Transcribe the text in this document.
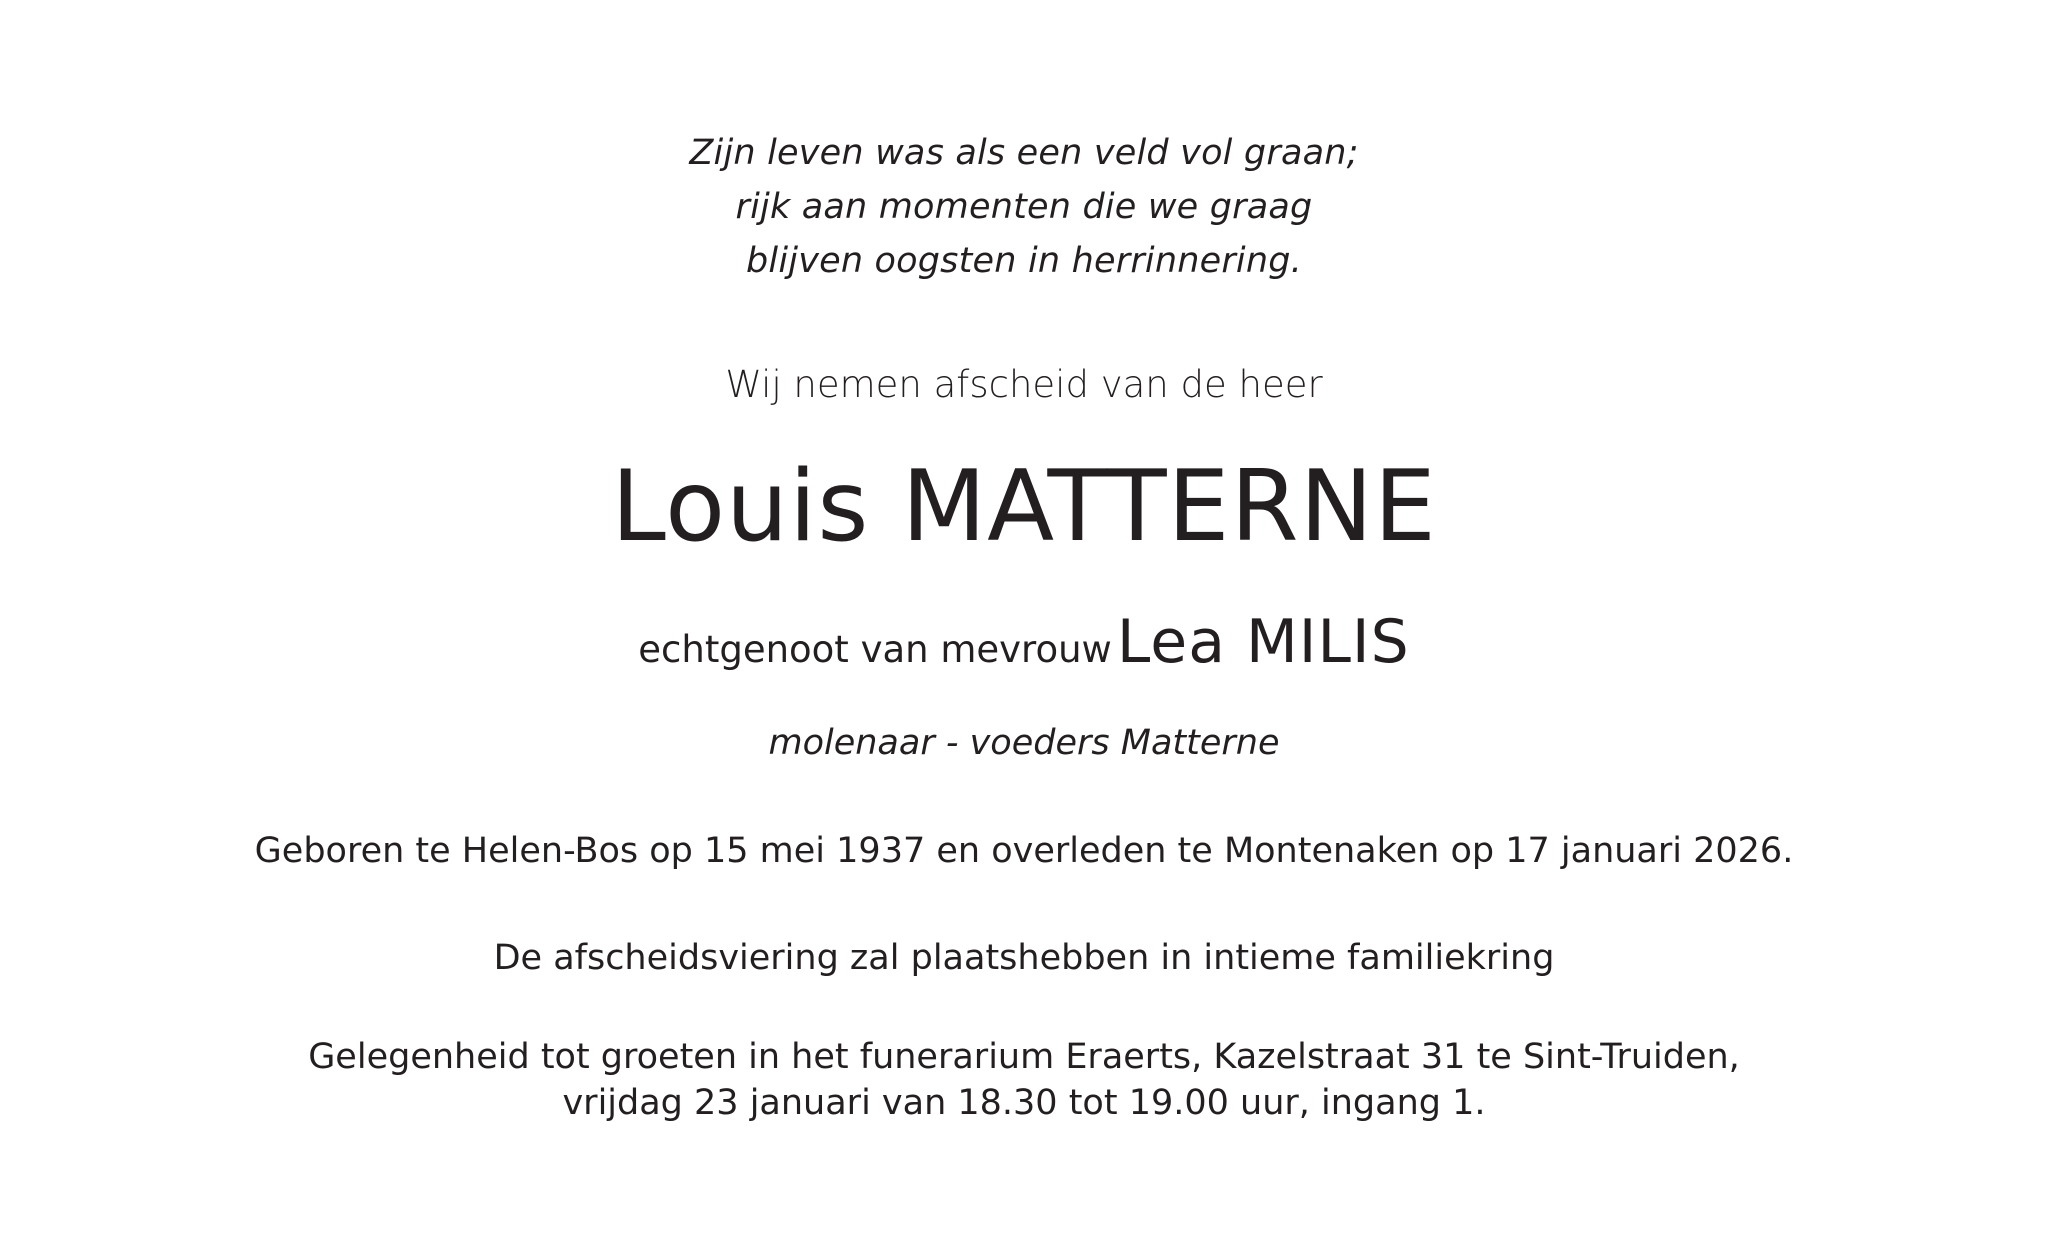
Zijn leven was als een veld vol graan;
rijk aan momenten die we graag
blijven oogsten in herrinnering.
Wij nemen afscheid van de heer
Louis MATTERNE
echtgenoot van mevrouw Lea MILIS
molenaar - voeders Matterne
Geboren te Helen-Bos op 15 mei 1937 en overleden te Montenaken op 17 januari 2026.
De afscheidsviering zal plaatshebben in intieme familiekring
Gelegenheid tot groeten in het funerarium Eraerts, Kazelstraat 31 te Sint-Truiden,
vrijdag 23 januari van 18.30 tot 19.00 uur, ingang 1.
